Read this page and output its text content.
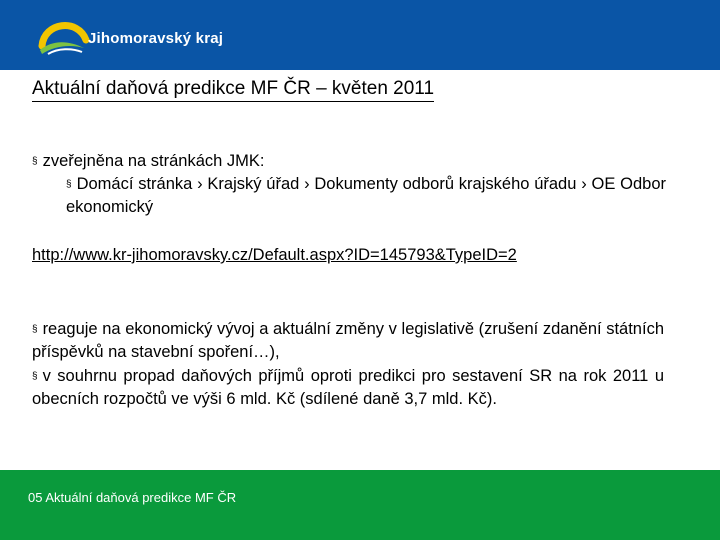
Jihomoravský kraj
Aktuální daňová predikce MF ČR – květen 2011
§ zveřejněna na stránkách JMK:
§ Domácí stránka › Krajský úřad › Dokumenty odborů krajského úřadu › OE Odbor ekonomický
http://www.kr-jihomoravsky.cz/Default.aspx?ID=145793&TypeID=2
§ reaguje na ekonomický vývoj a aktuální změny v legislativě (zrušení zdanění státních příspěvků na stavební spoření…),
§ v souhrnu propad daňových příjmů oproti predikci pro sestavení SR na rok 2011 u obecních rozpočtů ve výši 6 mld. Kč (sdílené daně 3,7 mld. Kč).
05 Aktuální daňová predikce MF ČR
